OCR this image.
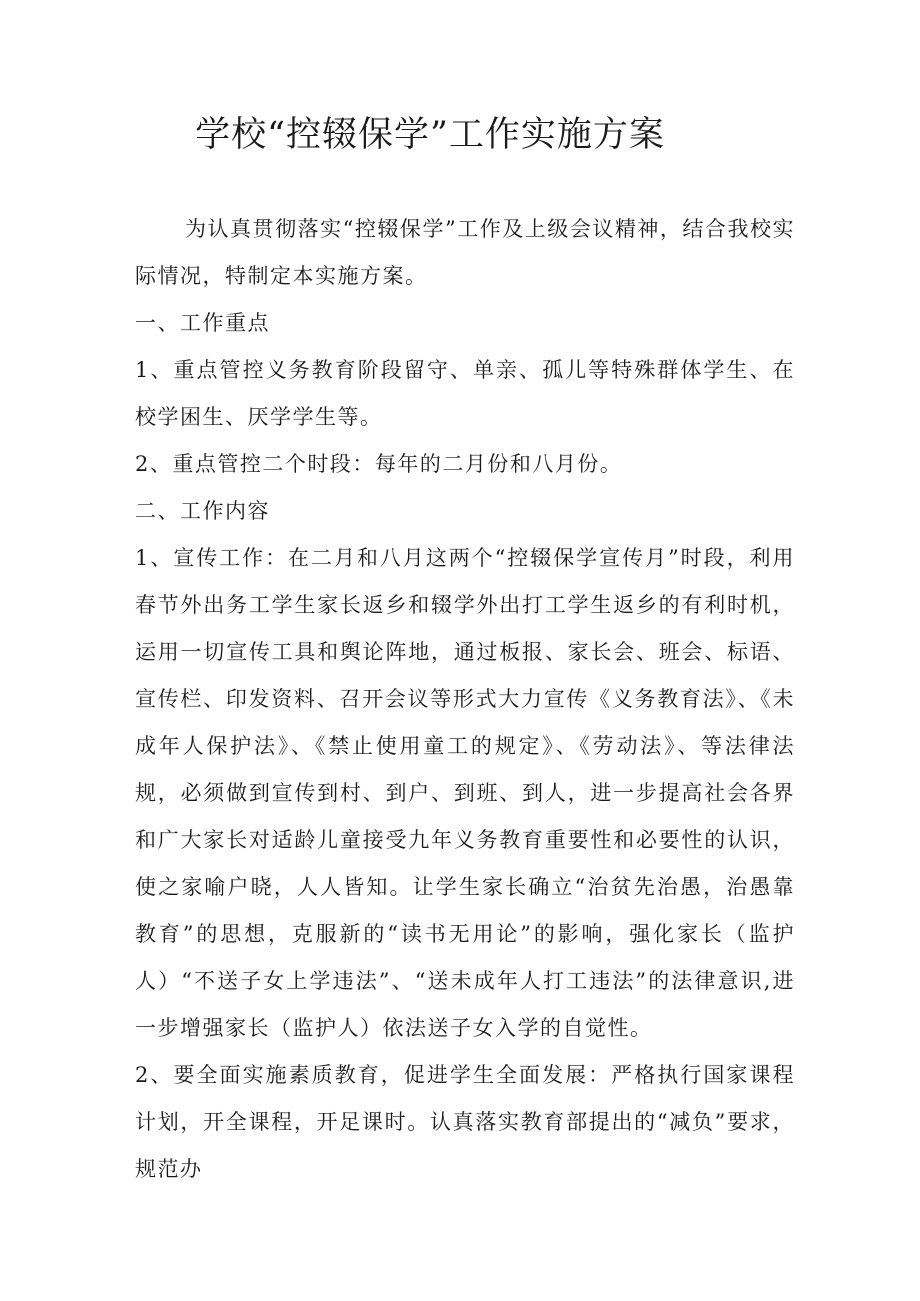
学校“控辍保学”工作实施方案

为认真贯彻落实“控辍保学”工作及上级会议精神，结合我校实际情况，特制定本实施方案。

一、工作重点

1、重点管控义务教育阶段留守、单亲、孤儿等特殊群体学生、在校学困生、厌学学生等。

2、重点管控二个时段：每年的二月份和八月份。

二、工作内容

1、宣传工作：在二月和八月这两个“控辍保学宣传月”时段，利用春节外出务工学生家长返乡和辍学外出打工学生返乡的有利时机，运用一切宣传工具和舆论阵地，通过板报、家长会、班会、标语、宣传栏、印发资料、召开会议等形式大力宣传《义务教育法》、《未成年人保护法》、《禁止使用童工的规定》、《劳动法》、等法律法规，必须做到宣传到村、到户、到班、到人，进一步提高社会各界和广大家长对适龄儿童接受九年义务教育重要性和必要性的认识，使之家喻户晓，人人皆知。让学生家长确立“治贫先治愚，治愚靠教育”的思想，克服新的“读书无用论”的影响，强化家长（监护人）“不送子女上学违法”、“送未成年人打工违法”的法律意识,进一步增强家长（监护人）依法送子女入学的自觉性。

2、要全面实施素质教育，促进学生全面发展：严格执行国家课程计划，开全课程，开足课时。认真落实教育部提出的“减负”要求，规范办
